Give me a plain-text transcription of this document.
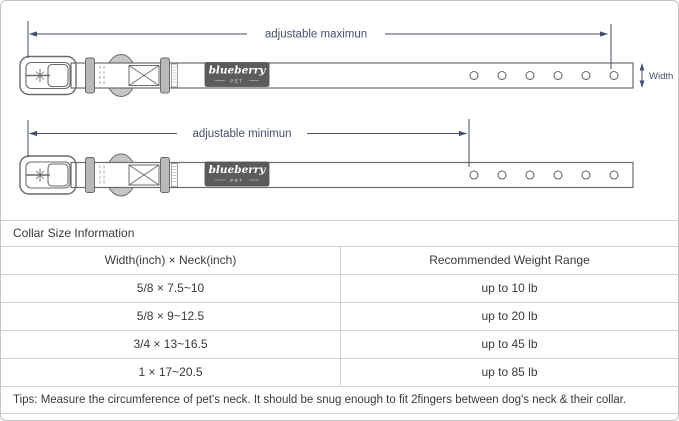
blueberry
PET
adjustable maximun
Width
blueberry
PET
adjustable minimun
Collar Size Information
Width(inch) × Neck(inch)	Recommended Weight Range
5/8 × 7.5~10	up to 10 lb
5/8 × 9~12.5	up to 20 lb
3/4 × 13~16.5	up to 45 lb
1 × 17~20.5	up to 85 lb
Tips: Measure the circumference of pet's neck. It should be snug enough to fit 2fingers between dog's neck & their collar.
